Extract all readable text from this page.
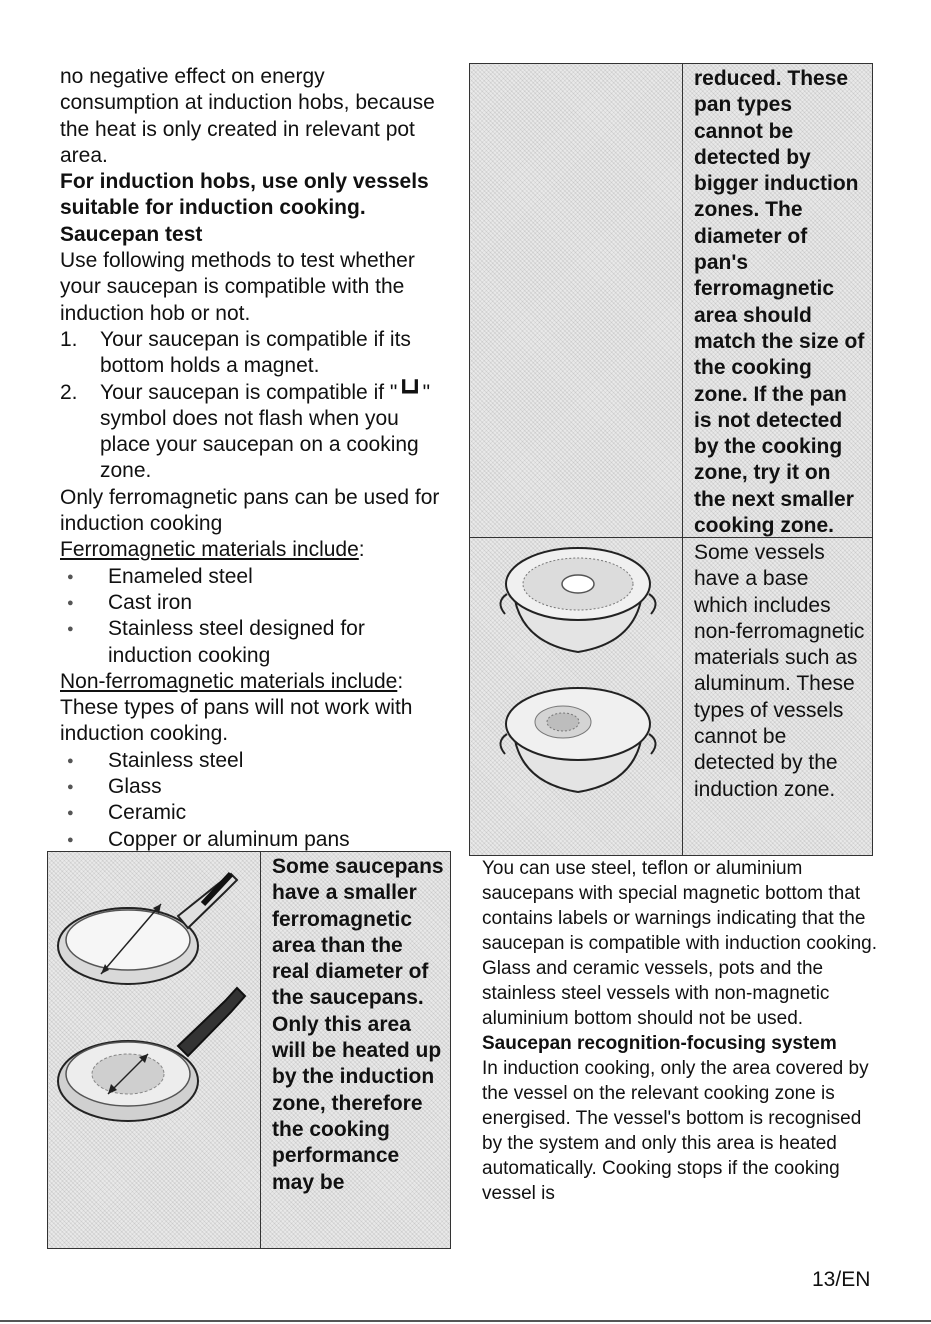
no negative effect on energy consumption at induction hobs, because the heat is only created in relevant pot area.

For induction hobs, use only vessels suitable for induction cooking.

Saucepan test

Use following methods to test whether your saucepan is compatible with the induction hob or not.

1. Your saucepan is compatible if its bottom holds a magnet.
2. Your saucepan is compatible if "┗┛" symbol does not flash when you place your saucepan on a cooking zone.

Only ferromagnetic pans can be used for induction cooking

Ferromagnetic materials include:

● Enameled steel
● Cast iron
● Stainless steel designed for induction cooking

Non-ferromagnetic materials include:

These types of pans will not work with induction cooking.

● Stainless steel
● Glass
● Ceramic
● Copper or aluminum pans
Some saucepans have a smaller ferromagnetic area than the real diameter of the saucepans. Only this area will be heated up by the induction zone, therefore the cooking performance may be
reduced. These pan types cannot be detected by bigger induction zones. The diameter of pan's ferromagnetic area should match the size of the cooking zone. If the pan is not detected by the cooking zone, try it on the next smaller cooking zone.
Some vessels have a base which includes non-ferromagnetic materials such as aluminum. These types of vessels cannot be detected by the induction zone.

You can use steel, teflon or aluminium saucepans with special magnetic bottom that contains labels or warnings indicating that the saucepan is compatible with induction cooking. Glass and ceramic vessels, pots and the stainless steel vessels with non-magnetic aluminium bottom should not be used.

Saucepan recognition-focusing system

In induction cooking, only the area covered by the vessel on the relevant cooking zone is energised. The vessel's bottom is recognised by the system and only this area is heated automatically. Cooking stops if the cooking vessel is

13/EN
